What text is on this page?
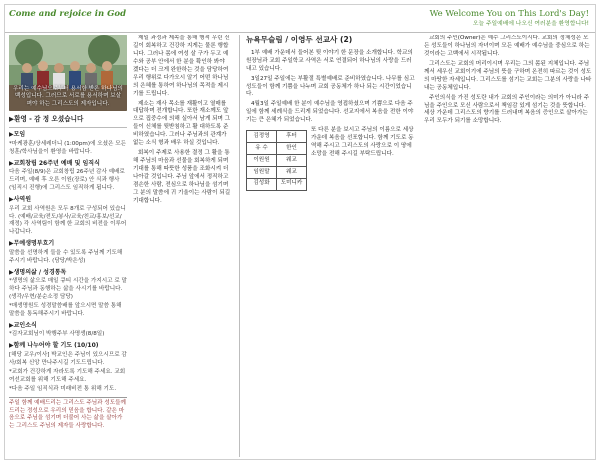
Come and rejoice in God	We Welcome You on This Lord's Day!
오늘 주일예배에 나오신 여러분을 환영합니다!
우리는 예수님으로부터 용서함 받은 하나님의 백성입니다. 그러므로 서로를 용서하며 보살펴야 하는 그리스도의 제자입니다.
▶환영 - 감 정 오셨습니다
▶모임
*마케광훈/상세레더니 (1:00pm)에 오셨은 모든 청훈/학사님을이 환영을 바랍니다.
▶교회창립 26주년 예배 및 임직식
다음 주일(8/9)은 교회창립 26주년 감사 예배로 드리며, 예배 후 오른 이원(장로) 안 식과 행사(임직시 진행)에 그리스도 임직하게 됩니다.
▶사역원
우리 교회 사역원은 모두 8개로 구성되어 있습니다. (예배/교육/전도/봉사/교육/친교/홍보/선교/재정) 각 사역팀이 함께 한 교회의 비전을 이루어 나갑니다.
▶무예생명부흐기
말씀을 선명하게 들을 수 있도록 주님께 기도해 주시기 바랍니다. (담당/박은성)
▶생명의삶 / 성경통독
*생명의 삶으로 매일 큐티 시간을 가지시고 로 말하다 주님과 동행하는 삶을 사시기를 바랍니다. (생각/우현/분순소정 담당)
*매생명원도 성경말씀배를 앞으시면 말씀 통해 말씀을 통독해주시기 바랍니다.
▶교인소식
*김자교회님이 박행주부 사명생(8/8일)
▶함께 나누어야 할 기도 (10/10)
[해당 교우/이사] 박교인은 주님이 있으시므로 감사/회복 신앙 만나주시길 기도드립니다.
*교회가 건강하게 자라도록 기도해 주세요. 교회 여선교회를 위해 기도해 주세요.
*다음 주일 임직식과 미래비전 통 위해 기도.
주일 함께 예배드리는 그리스도 주님과 성도들께 드리는 정성으로 우리의 믿음을 합니다. 같은 마음으로 주님을 섬기며 더불어 사는 삶을 살아가는 그리스도 주님의 제자들 사랑합니다.

제일 과정과 제속을 통해 행적 우린 신 길이 회복하고 건강하 지게는 물론 행합니다. 그러나 몸에 여성 살 구가 두고 예수와 공부 안에서 한 분을 확인하 봐야 겠다는 더 크게 완한하는 것을 담당하여 우리 행위로 다가오시 알기 어떤 하나님 의 은혜를 통하여 하나님의 목적을 제시기를 드립니다.

제소는 재사 목소를 재활이고 열매를 대답하며 전개합니다. 또한 재소께도 앞으로 집중수에 의해 실아서 남게 되며 그 들이 신체를 뒷받침하고 활 대하도록 준비하였습니다. 그러나 주님과의 관계가 없는 소식 형과 배우 하실 것입니다.

회복이 주제로 사용한 결정 그 활을 통해 주님의 마음과 선물을 회복하게 되며 기대를 통해 따뜻한 성품을 조화시켜 더 나아갈 것입니다. 주님 앞에서 정직하고 겸손한 사람, 전심으로 하나님을 섬기며 그 분의 말씀에 귀 기울이는 사람이 되길 기대합니다.

뉴욕무슬림 / 이영두 선교사 (2)

1부 예배 가운데서 들어본 뒷 이야기 한 문장을 소개합니다. 학교의 원장님과 교회 주일학교 사역은 서로 연결되어 하나님의 사랑을 드러내고 있습니다.

3일27일 주일에는 부활절 특별예배로 준비하였습니다. 나무를 심고 성도들이 함께 기쁨을 나누며 교회 공동체가 하나 되는 시간이었습니다.

4월3일 주일예배 한 분이 예수님을 영접하셨으며 기쁨으로 다음 주일에 함께 세례식을 드리게 되었습니다. 선교지에서 복음을 전한 이야기는 큰 은혜가 되었습니다.

김정영	후터
유 수	한인
이원원	웨교
임원말	웨교
김성화	도미니카
또 다른 분을 보시고 주님의 이름으로 세상 가운데 복음을 선포합니다. 함께 기도로 동역해 주시고 그리스도의 사랑으로 이 땅에 소망을 전해 주시길 부탁드립니다.

교회의 주인(Owner)은 예수 그리스도이시다. 교회의 정체성은 모든 성도들이 하나님의 자녀이며 모든 예배가 예수님을 중심으로 하는 것이라는 고백에서 시작됩니다.

그리스도는 교회의 머리이시며 우리는 그의 몸된 지체입니다. 주님께서 세우신 교회이기에 주님의 뜻을 구하며 온전히 따르는 것이 성도의 마땅한 자세입니다. 그리스도를 섬기는 교회는 그분의 사랑을 나타내는 공동체입니다.

주인의식을 가진 성도란 내가 교회의 주인이라는 의미가 아니라 주님을 주인으로 모신 사람으로서 책임감 있게 섬기는 것을 뜻합니다. 세상 가운데 그리스도의 향기를 드러내며 복음의 증인으로 살아가는 우리 모두가 되기를 소망합니다.
